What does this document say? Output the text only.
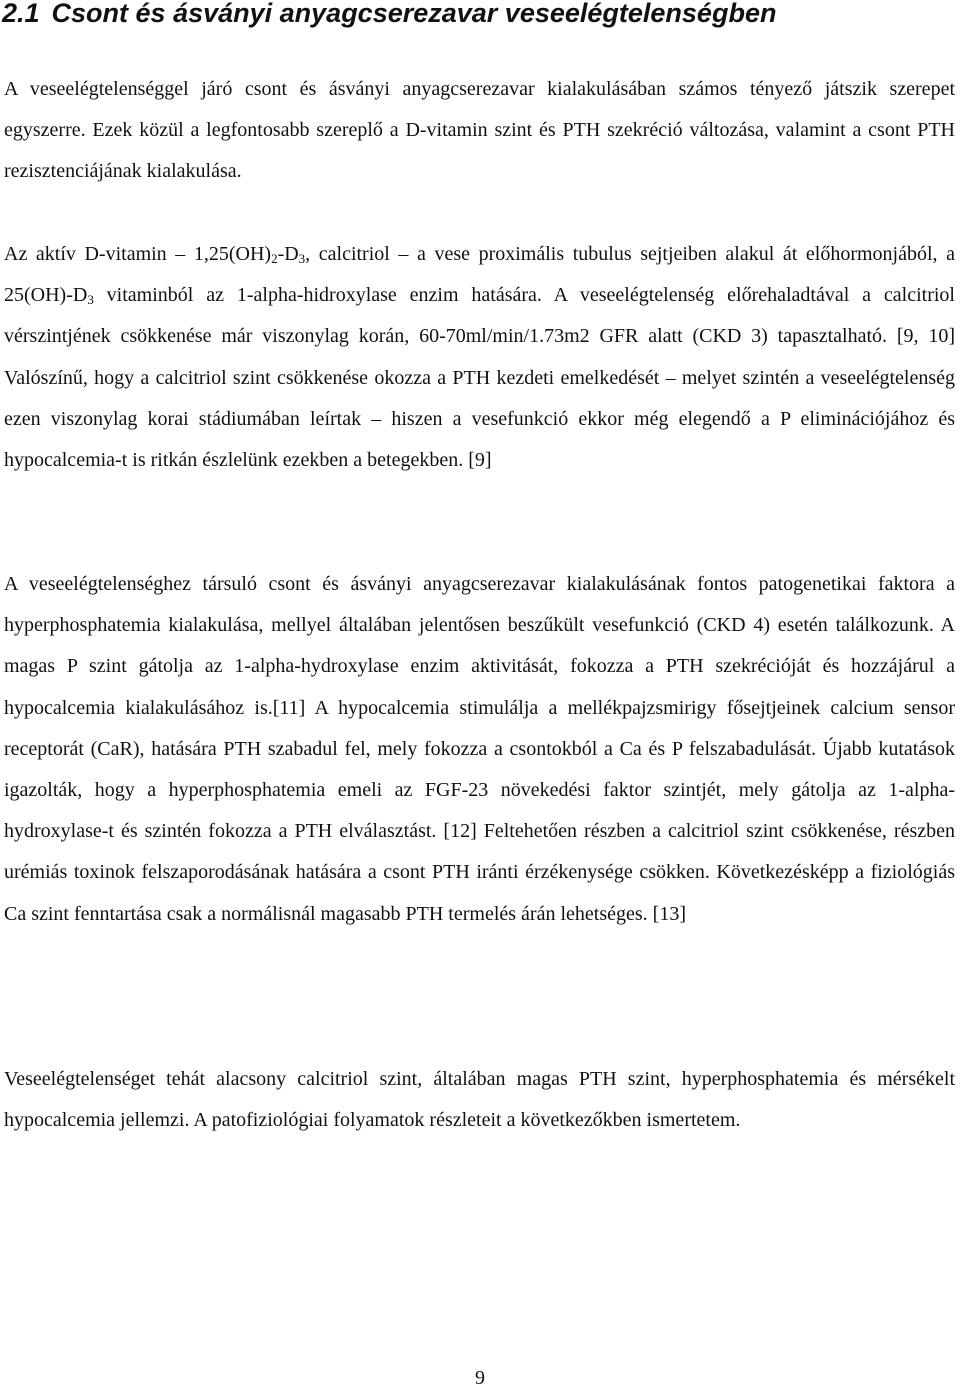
2.1 Csont és ásványi anyagcserezavar veseelégtelenségben

A veseelégtelenséggel járó csont és ásványi anyagcserezavar kialakulásában számos tényező játszik szerepet egyszerre. Ezek közül a legfontosabb szereplő a D-vitamin szint és PTH szekréció változása, valamint a csont PTH rezisztenciájának kialakulása.

Az aktív D-vitamin – $1,25(OH)_2-D_3$, calcitriol – a vese proximális tubulus sejtjeiben alakul át előhormonjából, a $25(OH)-D_3$ vitaminból az 1-alpha-hidroxylase enzim hatására. A veseelégtelenség előrehaladtával a calcitriol vérszintjének csökkenése már viszonylag korán, 60-70ml/min/1.73m2 GFR alatt (CKD 3) tapasztalható. [9, 10] Valószínű, hogy a calcitriol szint csökkenése okozza a PTH kezdeti emelkedését – melyet szintén a veseelégtelenség ezen viszonylag korai stádiumában leírtak – hiszen a vesefunkció ekkor még elegendő a P eliminációjához és hypocalcemia-t is ritkán észlelünk ezekben a betegekben. [9]

A veseelégtelenséghez társuló csont és ásványi anyagcserezavar kialakulásának fontos patogenetikai faktora a hyperphosphatemia kialakulása, mellyel általában jelentősen beszűkült vesefunkció (CKD 4) esetén találkozunk. A magas P szint gátolja az 1-alpha-hydroxylase enzim aktivitását, fokozza a PTH szekrécióját és hozzájárul a hypocalcemia kialakulásához is.[11] A hypocalcemia stimulálja a mellékpajzsmirigy fősejtjeinek calcium sensor receptorát (CaR), hatására PTH szabadul fel, mely fokozza a csontokból a Ca és P felszabadulását. Újabb kutatások igazolták, hogy a hyperphosphatemia emeli az FGF-23 növekedési faktor szintjét, mely gátolja az 1-alpha-hydroxylase-t és szintén fokozza a PTH elválasztást. [12] Feltehetően részben a calcitriol szint csökkenése, részben urémiás toxinok felszaporodásának hatására a csont PTH iránti érzékenysége csökken. Következésképp a fiziológiás Ca szint fenntartása csak a normálisnál magasabb PTH termelés árán lehetséges. [13]

Veseelégtelenséget tehát alacsony calcitriol szint, általában magas PTH szint, hyperphosphatemia és mérsékelt hypocalcemia jellemzi. A patofiziológiai folyamatok részleteit a következőkben ismertetem.

9
